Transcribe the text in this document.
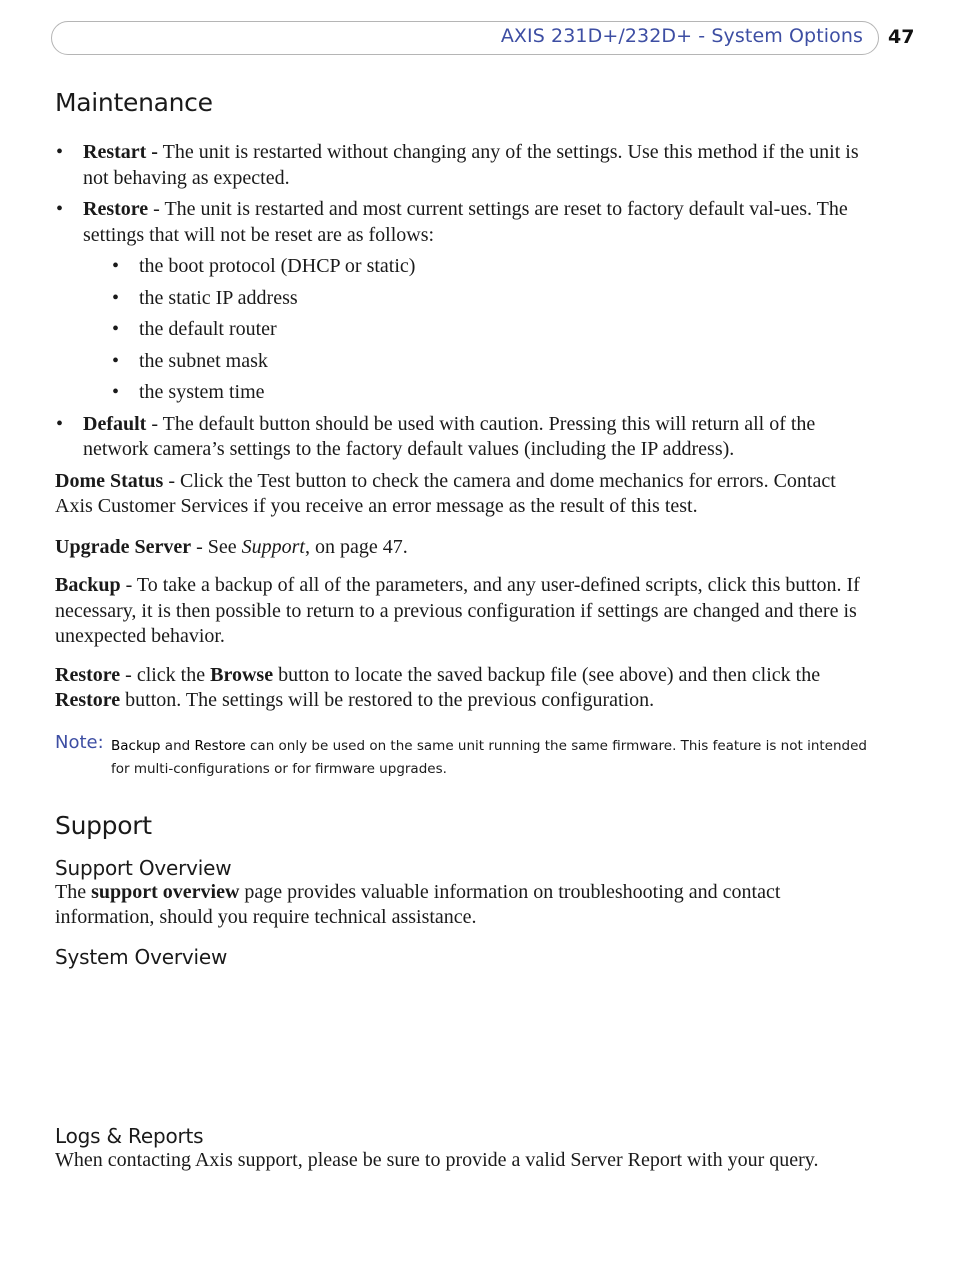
AXIS 231D+/232D+ - System Options 47
Maintenance
• Restart - The unit is restarted without changing any of the settings. Use this method if the unit is not behaving as expected.
• Restore - The unit is restarted and most current settings are reset to factory default val-ues. The settings that will not be reset are as follows:
• the boot protocol (DHCP or static)
• the static IP address
• the default router
• the subnet mask
• the system time
• Default - The default button should be used with caution. Pressing this will return all of the network camera’s settings to the factory default values (including the IP address).

Dome Status - Click the Test button to check the camera and dome mechanics for errors. Contact Axis Customer Services if you receive an error message as the result of this test.

Upgrade Server - See Support, on page 47.

Backup - To take a backup of all of the parameters, and any user-defined scripts, click this button. If necessary, it is then possible to return to a previous configuration if settings are changed and there is unexpected behavior.

Restore - click the Browse button to locate the saved backup file (see above) and then click the Restore button. The settings will be restored to the previous configuration.

Note: Backup and Restore can only be used on the same unit running the same firmware. This feature is not intended for multi-configurations or for firmware upgrades.
Support
Support Overview

The support overview page provides valuable information on troubleshooting and contact information, should you require technical assistance.

System Overview
Logs & Reports

When contacting Axis support, please be sure to provide a valid Server Report with your query.
